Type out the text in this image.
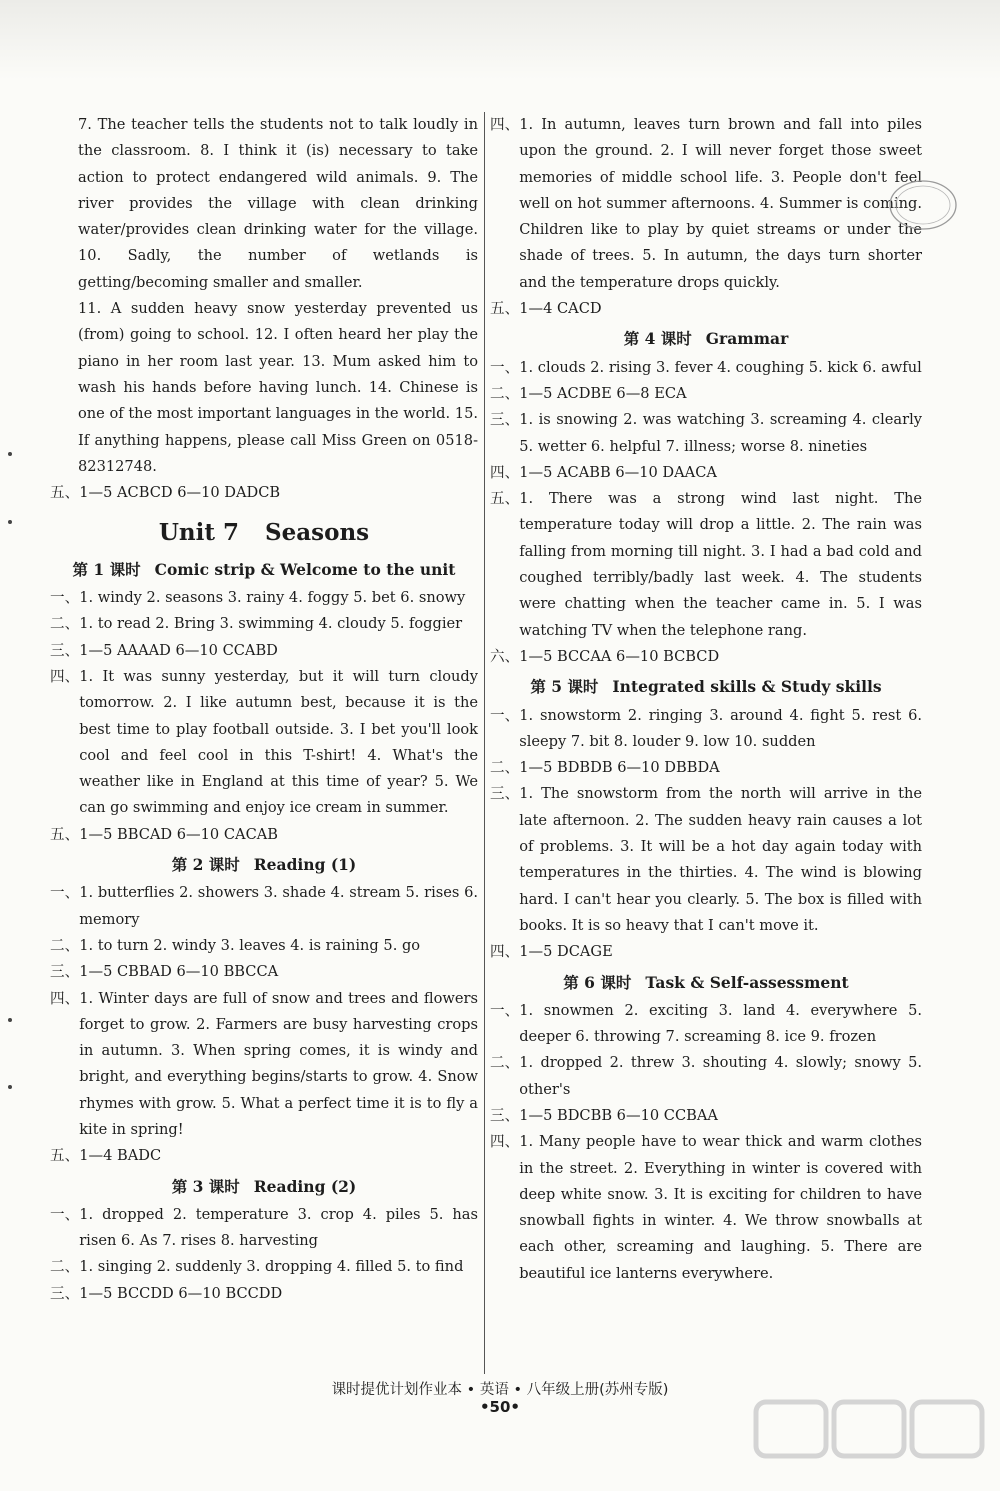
7. The teacher tells the students not to talk loudly in the classroom. 8. I think it (is) necessary to take action to protect endangered wild animals. 9. The river provides the village with clean drinking water/provides clean drinking water for the village. 10. Sadly, the number of wetlands is getting/becoming smaller and smaller.
11. A sudden heavy snow yesterday prevented us (from) going to school. 12. I often heard her play the piano in her room last year. 13. Mum asked him to wash his hands before having lunch. 14. Chinese is one of the most important languages in the world. 15. If anything happens, please call Miss Green on 0518-82312748.
五、 1—5 ACBCD 6—10 DADCB
Unit 7 Seasons
第 1 课时 Comic strip & Welcome to the unit
一、 1. windy 2. seasons 3. rainy 4. foggy 5. bet 6. snowy
二、 1. to read 2. Bring 3. swimming 4. cloudy 5. foggier
三、 1—5 AAAAD 6—10 CCABD
四、 1. It was sunny yesterday, but it will turn cloudy tomorrow. 2. I like autumn best, because it is the best time to play football outside. 3. I bet you'll look cool and feel cool in this T-shirt! 4. What's the weather like in England at this time of year? 5. We can go swimming and enjoy ice cream in summer.
五、 1—5 BBCAD 6—10 CACAB
第 2 课时 Reading (1)
一、 1. butterflies 2. showers 3. shade 4. stream 5. rises 6. memory
二、 1. to turn 2. windy 3. leaves 4. is raining 5. go
三、 1—5 CBBAD 6—10 BBCCA
四、 1. Winter days are full of snow and trees and flowers forget to grow. 2. Farmers are busy harvesting crops in autumn. 3. When spring comes, it is windy and bright, and everything begins/starts to grow. 4. Snow rhymes with grow. 5. What a perfect time it is to fly a kite in spring!
五、 1—4 BADC
第 3 课时 Reading (2)
一、 1. dropped 2. temperature 3. crop 4. piles 5. has risen 6. As 7. rises 8. harvesting
二、 1. singing 2. suddenly 3. dropping 4. filled 5. to find
三、 1—5 BCCDD 6—10 BCCDD
四、 1. In autumn, leaves turn brown and fall into piles upon the ground. 2. I will never forget those sweet memories of middle school life. 3. People don't feel well on hot summer afternoons. 4. Summer is coming. Children like to play by quiet streams or under the shade of trees. 5. In autumn, the days turn shorter and the temperature drops quickly.
五、 1—4 CACD
第 4 课时 Grammar
一、 1. clouds 2. rising 3. fever 4. coughing 5. kick 6. awful
二、 1—5 ACDBE 6—8 ECA
三、 1. is snowing 2. was watching 3. screaming 4. clearly 5. wetter 6. helpful 7. illness; worse 8. nineties
四、 1—5 ACABB 6—10 DAACA
五、 1. There was a strong wind last night. The temperature today will drop a little. 2. The rain was falling from morning till night. 3. I had a bad cold and coughed terribly/badly last week. 4. The students were chatting when the teacher came in. 5. I was watching TV when the telephone rang.
六、 1—5 BCCAA 6—10 BCBCD
第 5 课时 Integrated skills & Study skills
一、 1. snowstorm 2. ringing 3. around 4. fight 5. rest 6. sleepy 7. bit 8. louder 9. low 10. sudden
二、 1—5 BDBDB 6—10 DBBDA
三、 1. The snowstorm from the north will arrive in the late afternoon. 2. The sudden heavy rain causes a lot of problems. 3. It will be a hot day again today with temperatures in the thirties. 4. The wind is blowing hard. I can't hear you clearly. 5. The box is filled with books. It is so heavy that I can't move it.
四、 1—5 DCAGE
第 6 课时 Task & Self-assessment
一、 1. snowmen 2. exciting 3. land 4. everywhere 5. deeper 6. throwing 7. screaming 8. ice 9. frozen
二、 1. dropped 2. threw 3. shouting 4. slowly; snowy 5. other's
三、 1—5 BDCBB 6—10 CCBAA
四、 1. Many people have to wear thick and warm clothes in the street. 2. Everything in winter is covered with deep white snow. 3. It is exciting for children to have snowball fights in winter. 4. We throw snowballs at each other, screaming and laughing. 5. There are beautiful ice lanterns everywhere.
课时提优计划作业本 • 英语 • 八年级上册(苏州专版)
•50•
